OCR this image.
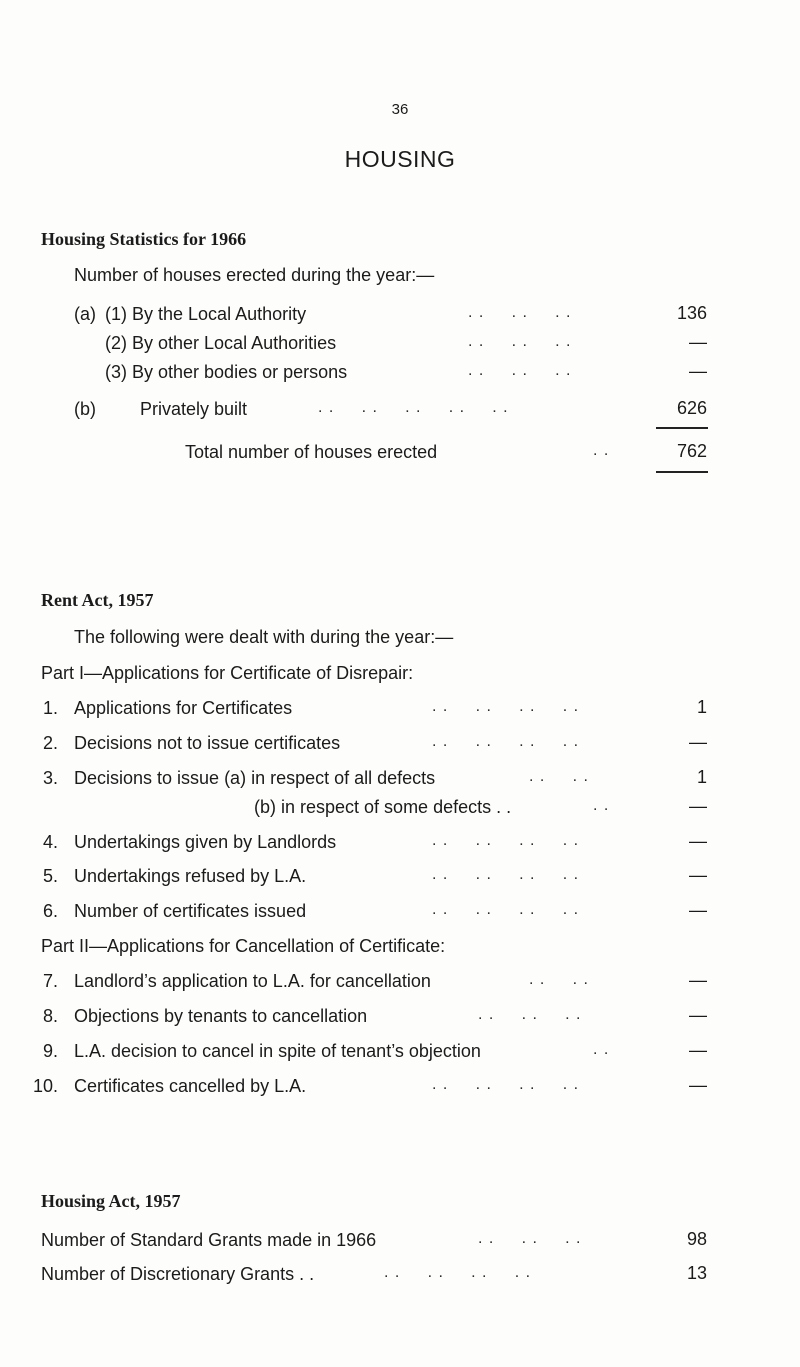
36
HOUSING
Housing Statistics for 1966
Number of houses erected during the year:—
(a) (1) By the Local Authority	. .     . .     . .	136
(2) By other Local Authorities	. .     . .     . .	—
(3) By other bodies or persons	. .     . .     . .	—
(b) Privately built	. .     . .     . .     . .     . .	626
Total number of houses erected	. .	762
Rent Act, 1957
The following were dealt with during the year:—
Part I—Applications for Certificate of Disrepair:
1. Applications for Certificates	. .     . .     . .     . .	1
2. Decisions not to issue certificates	. .     . .     . .     . .	—
3. Decisions to issue (a) in respect of all defects	. .     . .	1
(b) in respect of some defects . .	. .	—
4. Undertakings given by Landlords	. .     . .     . .     . .	—
5. Undertakings refused by L.A.	. .     . .     . .     . .	—
6. Number of certificates issued	. .     . .     . .     . .	—
Part II—Applications for Cancellation of Certificate:
7. Landlord’s application to L.A. for cancellation	. .     . .	—
8. Objections by tenants to cancellation	. .     . .     . .	—
9. L.A. decision to cancel in spite of tenant’s objection	. .	—
10. Certificates cancelled by L.A.	. .     . .     . .     . .	—
Housing Act, 1957
Number of Standard Grants made in 1966	. .     . .     . .	98
Number of Discretionary Grants . .	. .     . .     . .     . .	13
